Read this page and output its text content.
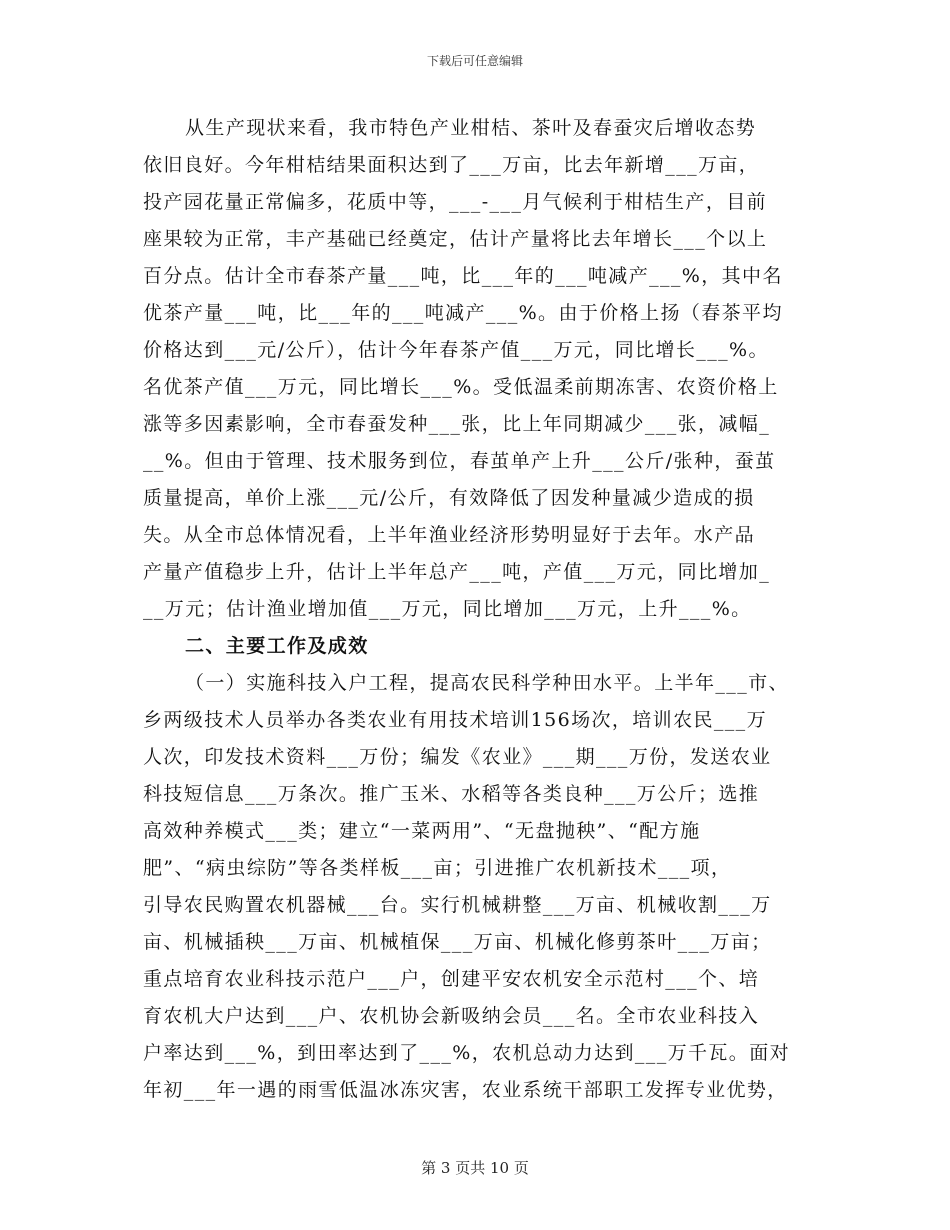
下载后可任意编辑
从生产现状来看，我市特色产业柑桔、茶叶及春蚕灾后增收态势
依旧良好。今年柑桔结果面积达到了___万亩，比去年新增___万亩，
投产园花量正常偏多，花质中等，___-___月气候利于柑桔生产，目前
座果较为正常，丰产基础已经奠定，估计产量将比去年增长___个以上
百分点。估计全市春茶产量___吨，比___年的___吨减产___%，其中名
优茶产量___吨，比___年的___吨减产___%。由于价格上扬（春茶平均
价格达到___元/公斤），估计今年春茶产值___万元，同比增长___%。
名优茶产值___万元，同比增长___%。受低温柔前期冻害、农资价格上
涨等多因素影响，全市春蚕发种___张，比上年同期减少___张，减幅_
__%。但由于管理、技术服务到位，春茧单产上升___公斤/张种，蚕茧
质量提高，单价上涨___元/公斤，有效降低了因发种量减少造成的损
失。从全市总体情况看，上半年渔业经济形势明显好于去年。水产品
产量产值稳步上升，估计上半年总产___吨，产值___万元，同比增加_
__万元；估计渔业增加值___万元，同比增加___万元，上升___%。
二、主要工作及成效
（一）实施科技入户工程，提高农民科学种田水平。上半年___市、
乡两级技术人员举办各类农业有用技术培训156场次，培训农民___万
人次，印发技术资料___万份；编发《农业》___期___万份，发送农业
科技短信息___万条次。推广玉米、水稻等各类良种___万公斤；选推
高效种养模式___类；建立“一菜两用”、“无盘抛秧”、“配方施
肥”、“病虫综防”等各类样板___亩；引进推广农机新技术___项，
引导农民购置农机器械___台。实行机械耕整___万亩、机械收割___万
亩、机械插秧___万亩、机械植保___万亩、机械化修剪茶叶___万亩；
重点培育农业科技示范户___户，创建平安农机安全示范村___个、培
育农机大户达到___户、农机协会新吸纳会员___名。全市农业科技入
户率达到___%，到田率达到了___%，农机总动力达到___万千瓦。面对
年初___年一遇的雨雪低温冰冻灾害，农业系统干部职工发挥专业优势，
第 3 页共 10 页
